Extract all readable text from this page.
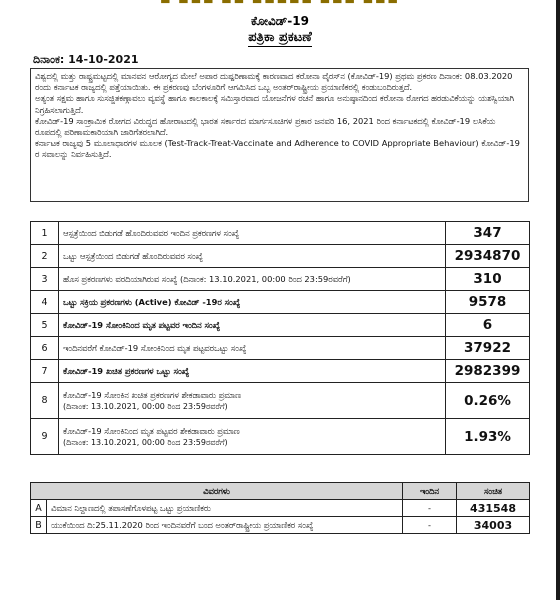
▬ ▬▬▬ ▬▬ ▬▬▬▬▬ ▬▬▬ ▬▬▬
ಕೋವಿಡ್-19
ಪತ್ರಿಕಾ ಪ್ರಕಟಣೆ
ದಿನಾಂಕ: 14-10-2021

ವಿಶ್ವದಲ್ಲಿ ಮತ್ತು ರಾಷ್ಟ್ರಮಟ್ಟದಲ್ಲಿ ಮಾನವನ ಆರೋಗ್ಯದ ಮೇಲೆ ಅಪಾರ ದುಷ್ಪರಿಣಾಮಕ್ಕೆ ಕಾರಣವಾದ ಕರೋನಾ ವೈರಸ್‌ನ (ಕೋವಿಡ್-19) ಪ್ರಥಮ ಪ್ರಕರಣ ದಿನಾಂಕ: 08.03.2020 ರಂದು ಕರ್ನಾಟಕ ರಾಜ್ಯದಲ್ಲಿ ಪತ್ತೆಯಾಯಿತು. ಈ ಪ್ರಕರಣವು ಬೆಂಗಳೂರಿಗೆ ಆಗಮಿಸಿದ ಒಬ್ಬ ಅಂತರ್‌ರಾಷ್ಟ್ರೀಯ ಪ್ರಯಾಣಿಕರಲ್ಲಿ ಕಂಡುಬಂದಿರುತ್ತದೆ.

ಅತ್ಯಂತ ಸಕ್ಷಮ ಹಾಗೂ ಸುಸಜ್ಜಿತಕಣ್ಗಾವಲು ವ್ಯವಸ್ಥೆ ಹಾಗೂ ಕಾಲಕಾಲಕ್ಕೆ ಸಮಿಸ್ತಾರವಾದ ಯೋಜನೆಗಳ ರಚನೆ ಹಾಗೂ ಅನುಷ್ಠಾನದಿಂದ ಕರೋನಾ ರೋಗದ ಹರಡುವಿಕೆಯನ್ನು ಯಶಸ್ವಿಯಾಗಿ ನಿಗ್ರಹಿಸಲಾಗುತ್ತಿದೆ.

ಕೋವಿಡ್-19 ಸಾಂಕ್ರಾಮಿಕ ರೋಗದ ವಿರುದ್ಧದ ಹೋರಾಟದಲ್ಲಿ ಭಾರತ ಸರ್ಕಾರದ ಮಾರ್ಗಸೂಚಿಗಳ ಪ್ರಕಾರ ಜನವರಿ 16, 2021 ರಿಂದ ಕರ್ನಾಟಕದಲ್ಲಿ ಕೋವಿಡ್-19 ಲಸಿಕೆಯ ರೂಪದಲ್ಲಿ ಪರಿಣಾಮಕಾರಿಯಾಗಿ ಜಾರಿಗೆತರಲಾಗಿದೆ.

ಕರ್ನಾಟಕ ರಾಜ್ಯವು 5 ಮೂಲಾಧಾರಗಳ ಮೂಲಕ (Test-Track-Treat-Vaccinate and Adherence to COVID Appropriate Behaviour) ಕೋವಿಡ್-19 ರ ಸವಾಲನ್ನು ನಿರ್ವಹಿಸುತ್ತಿದೆ.

1	ಆಸ್ಪತ್ರೆಯಿಂದ ಬಿಡುಗಡೆ ಹೊಂದಿರುವವರ ಇಂದಿನ ಪ್ರಕರಣಗಳ ಸಂಖ್ಯೆ	347
2	ಒಟ್ಟು ಆಸ್ಪತ್ರೆಯಿಂದ ಬಿಡುಗಡೆ ಹೊಂದಿರುವವರ ಸಂಖ್ಯೆ	2934870
3	ಹೊಸ ಪ್ರಕರಣಗಳು ವರದಿಯಾಗಿರುವ ಸಂಖ್ಯೆ (ದಿನಾಂಕ: 13.10.2021, 00:00 ರಿಂದ 23:59ರವರೆಗೆ)	310
4	ಒಟ್ಟು ಸಕ್ರಿಯ ಪ್ರಕರಣಗಳು (Active) ಕೋವಿಡ್ -19ರ ಸಂಖ್ಯೆ	9578
5	ಕೋವಿಡ್-19 ಸೋಂಕಿನಿಂದ ಮೃತ ಪಟ್ಟವರ ಇಂದಿನ ಸಂಖ್ಯೆ	6
6	ಇಂದಿನವರೆಗೆ ಕೋವಿಡ್-19 ಸೋಂಕಿನಿಂದ ಮೃತ ಪಟ್ಟವರಒಟ್ಟು ಸಂಖ್ಯೆ	37922
7	ಕೋವಿಡ್-19 ಖಚಿತ ಪ್ರಕರಣಗಳ ಒಟ್ಟು ಸಂಖ್ಯೆ	2982399
8	ಕೋವಿಡ್-19 ಸೋಂಕಿನ ಖಚಿತ ಪ್ರಕರಣಗಳ ಶೇಕಡಾವಾರು ಪ್ರಮಾಣ
(ದಿನಾಂಕ: 13.10.2021, 00:00 ರಿಂದ 23:59ರವರೆಗೆ)	0.26%
9	ಕೋವಿಡ್-19 ಸೋಂಕಿನಿಂದ ಮೃತ ಪಟ್ಟವರ ಶೇಕಡಾವಾರು ಪ್ರಮಾಣ
(ದಿನಾಂಕ: 13.10.2021, 00:00 ರಿಂದ 23:59ರವರೆಗೆ)	1.93%
ವಿವರಗಳು		ಇಂದಿನ	ಸಂಚಿತ
A	ವಿಮಾನ ನಿಲ್ದಾಣದಲ್ಲಿ ತಪಾಸಣೆಗೊಳಪಟ್ಟ ಒಟ್ಟು ಪ್ರಯಾಣಿಕರು	-	431548
B	ಯುಕೆಯಿಂದ ದಿ:25.11.2020 ರಿಂದ ಇಂದಿನವರೆಗೆ ಬಂದ ಅಂತರ್‌ರಾಷ್ಟ್ರೀಯ ಪ್ರಯಾಣಿಕರ ಸಂಖ್ಯೆ	-	34003
